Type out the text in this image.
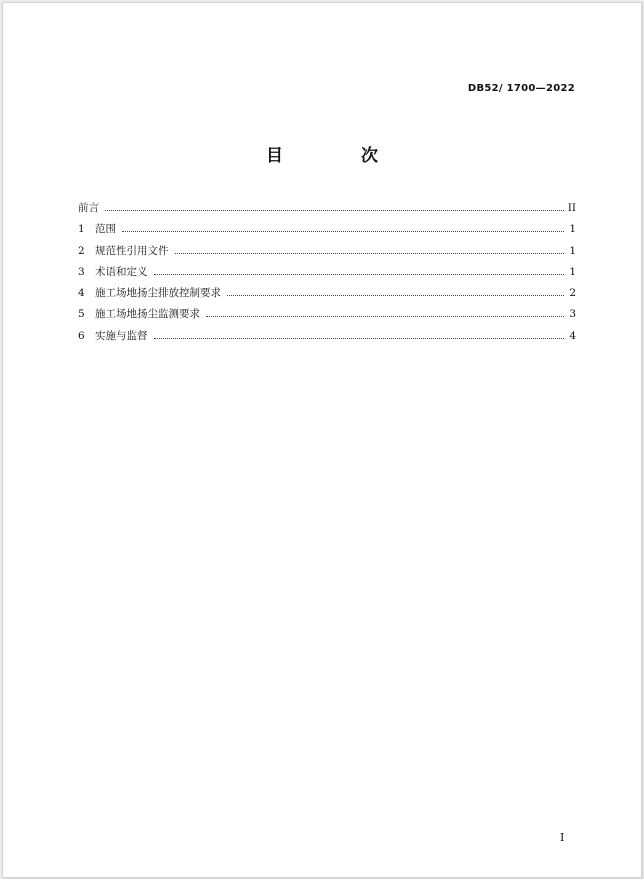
DB52/ 1700—2022
目 次
前言	II
1 范围	1
2 规范性引用文件	1
3 术语和定义	1
4 施工场地扬尘排放控制要求	2
5 施工场地扬尘监测要求	3
6 实施与监督	4
I
